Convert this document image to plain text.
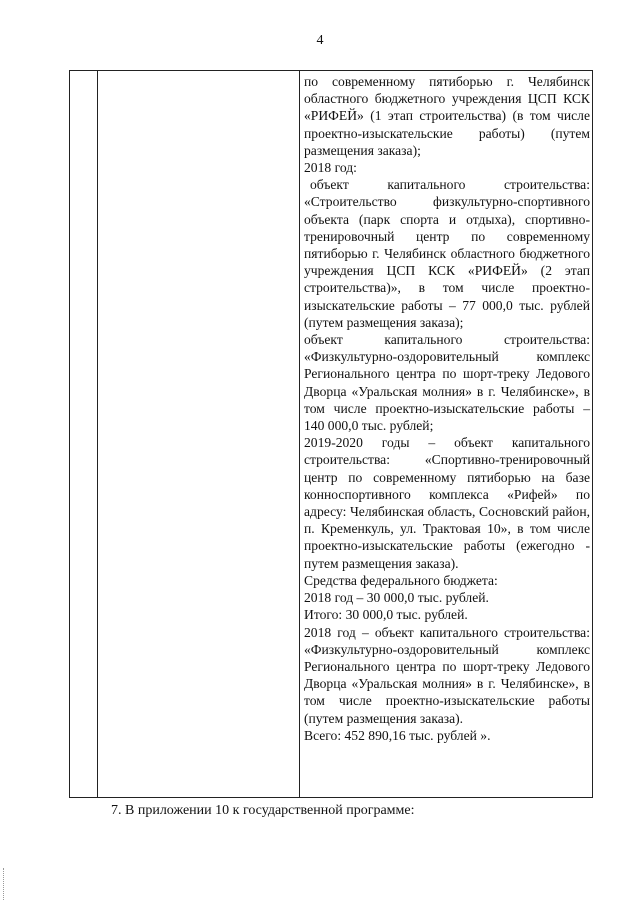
4

по современному пятиборью г. Челябинск областного бюджетного учреждения ЦСП КСК «РИФЕЙ» (1 этап строительства) (в том числе проектно-изыскательские работы) (путем размещения заказа);

2018 год:

объект капитального строительства: «Строительство физкультурно-спортивного объекта (парк спорта и отдыха), спортивно-тренировочный центр по современному пятиборью г. Челябинск областного бюджетного учреждения ЦСП КСК «РИФЕЙ» (2 этап строительства)», в том числе проектно-изыскательские работы – 77 000,0 тыс. рублей (путем размещения заказа);

объект капитального строительства: «Физкультурно-оздоровительный комплекс Регионального центра по шорт-треку Ледового Дворца «Уральская молния» в г. Челябинске», в том числе проектно-изыскательские работы – 140 000,0 тыс. рублей;

2019-2020 годы – объект капитального строительства: «Спортивно-тренировочный центр по современному пятиборью на базе конноспортивного комплекса «Рифей» по адресу: Челябинская область, Сосновский район, п. Кременкуль, ул. Трактовая 10», в том числе проектно-изыскательские работы (ежегодно - путем размещения заказа).

Средства федерального бюджета:

2018 год – 30 000,0 тыс. рублей.

Итого: 30 000,0 тыс. рублей.

2018 год – объект капитального строительства: «Физкультурно-оздоровительный комплекс Регионального центра по шорт-треку Ледового Дворца «Уральская молния» в г. Челябинске», в том числе проектно-изыскательские работы (путем размещения заказа).

Всего: 452 890,16 тыс. рублей ».

7. В приложении 10 к государственной программе:
